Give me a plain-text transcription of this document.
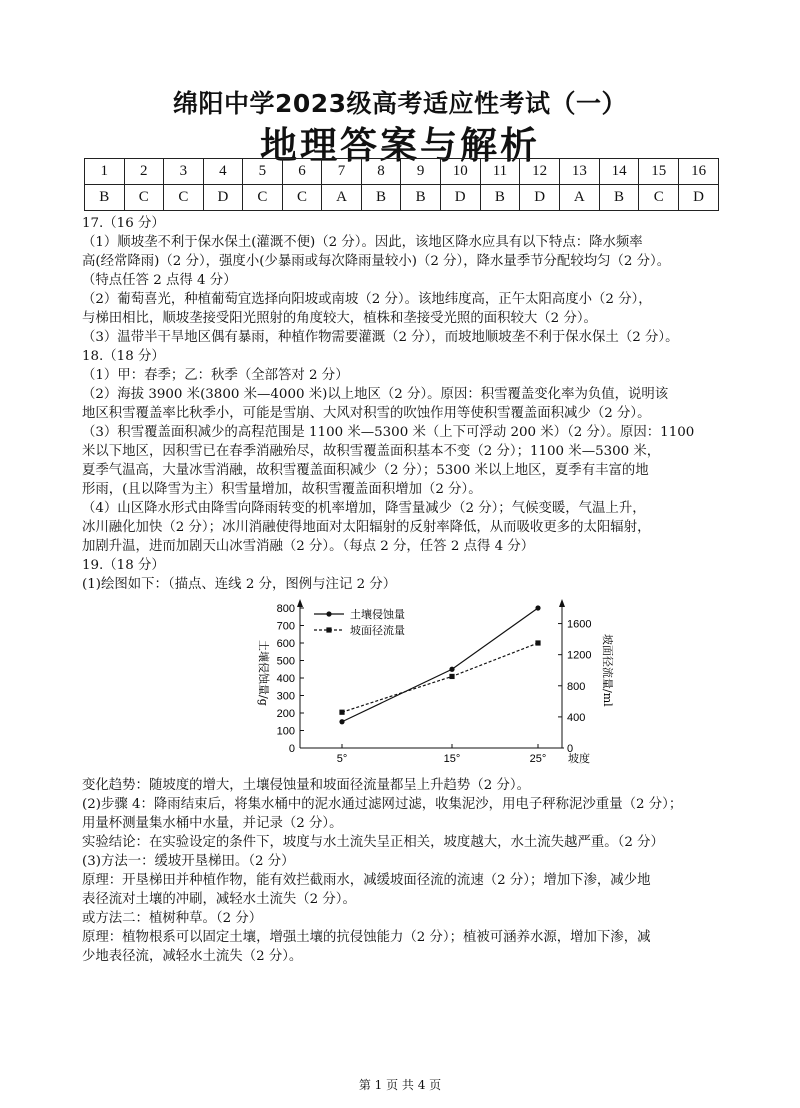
绵阳中学2023级高考适应性考试（一）
地理答案与解析
1	2	3	4	5	6	7	8	9	10	11	12	13	14	15	16
B	C	C	D	C	C	A	B	B	D	B	D	A	B	C	D

17.（16 分）

（1）顺坡垄不利于保水保土(灌溉不便)（2 分）。因此，该地区降水应具有以下特点：降水频率

高(经常降雨)（2 分），强度小(少暴雨或每次降雨量较小)（2 分），降水量季节分配较均匀（2 分）。

（特点任答 2 点得 4 分）

（2）葡萄喜光，种植葡萄宜选择向阳坡或南坡（2 分）。该地纬度高，正午太阳高度小（2 分），

与梯田相比，顺坡垄接受阳光照射的角度较大，植株和垄接受光照的面积较大（2 分）。

（3）温带半干旱地区偶有暴雨，种植作物需要灌溉（2 分），而坡地顺坡垄不利于保水保土（2 分）。

18.（18 分）

（1）甲：春季；乙：秋季（全部答对 2 分）

（2）海拔 3900 米(3800 米—4000 米)以上地区（2 分）。原因：积雪覆盖变化率为负值，说明该

地区积雪覆盖率比秋季小，可能是雪崩、大风对积雪的吹蚀作用等使积雪覆盖面积减少（2 分）。

（3）积雪覆盖面积减少的高程范围是 1100 米—5300 米（上下可浮动 200 米）（2 分）。原因：1100

米以下地区，因积雪已在春季消融殆尽，故积雪覆盖面积基本不变（2 分）；1100 米—5300 米，

夏季气温高，大量冰雪消融，故积雪覆盖面积减少（2 分）；5300 米以上地区，夏季有丰富的地

形雨，(且以降雪为主）积雪量增加，故积雪覆盖面积增加（2 分）。

（4）山区降水形式由降雪向降雨转变的机率增加，降雪量减少（2 分）；气候变暖，气温上升，

冰川融化加快（2 分）；冰川消融使得地面对太阳辐射的反射率降低，从而吸收更多的太阳辐射，

加剧升温，进而加剧天山冰雪消融（2 分）。（每点 2 分，任答 2 点得 4 分）

19.（18 分）

(1)绘图如下：（描点、连线 2 分，图例与注记 2 分）

0
100
200
300
400
500
600
700
800
0
400
800
1200
1600
5°	15°	25° 坡度
土壤侵蚀量/g	坡面径流量/ml
土壤侵蚀量
坡面径流量

变化趋势：随坡度的增大，土壤侵蚀量和坡面径流量都呈上升趋势（2 分）。

(2)步骤 4：降雨结束后，将集水桶中的泥水通过滤网过滤，收集泥沙，用电子秤称泥沙重量（2 分）；

用量杯测量集水桶中水量，并记录（2 分）。

实验结论：在实验设定的条件下，坡度与水土流失呈正相关，坡度越大，水土流失越严重。（2 分）

(3)方法一：缓坡开垦梯田。（2 分）

原理：开垦梯田并种植作物，能有效拦截雨水，减缓坡面径流的流速（2 分）；增加下渗，减少地

表径流对土壤的冲刷，减轻水土流失（2 分）。

或方法二：植树种草。（2 分）

原理：植物根系可以固定土壤，增强土壤的抗侵蚀能力（2 分）；植被可涵养水源，增加下渗，减

少地表径流，减轻水土流失（2 分）。

第 1 页 共 4 页
